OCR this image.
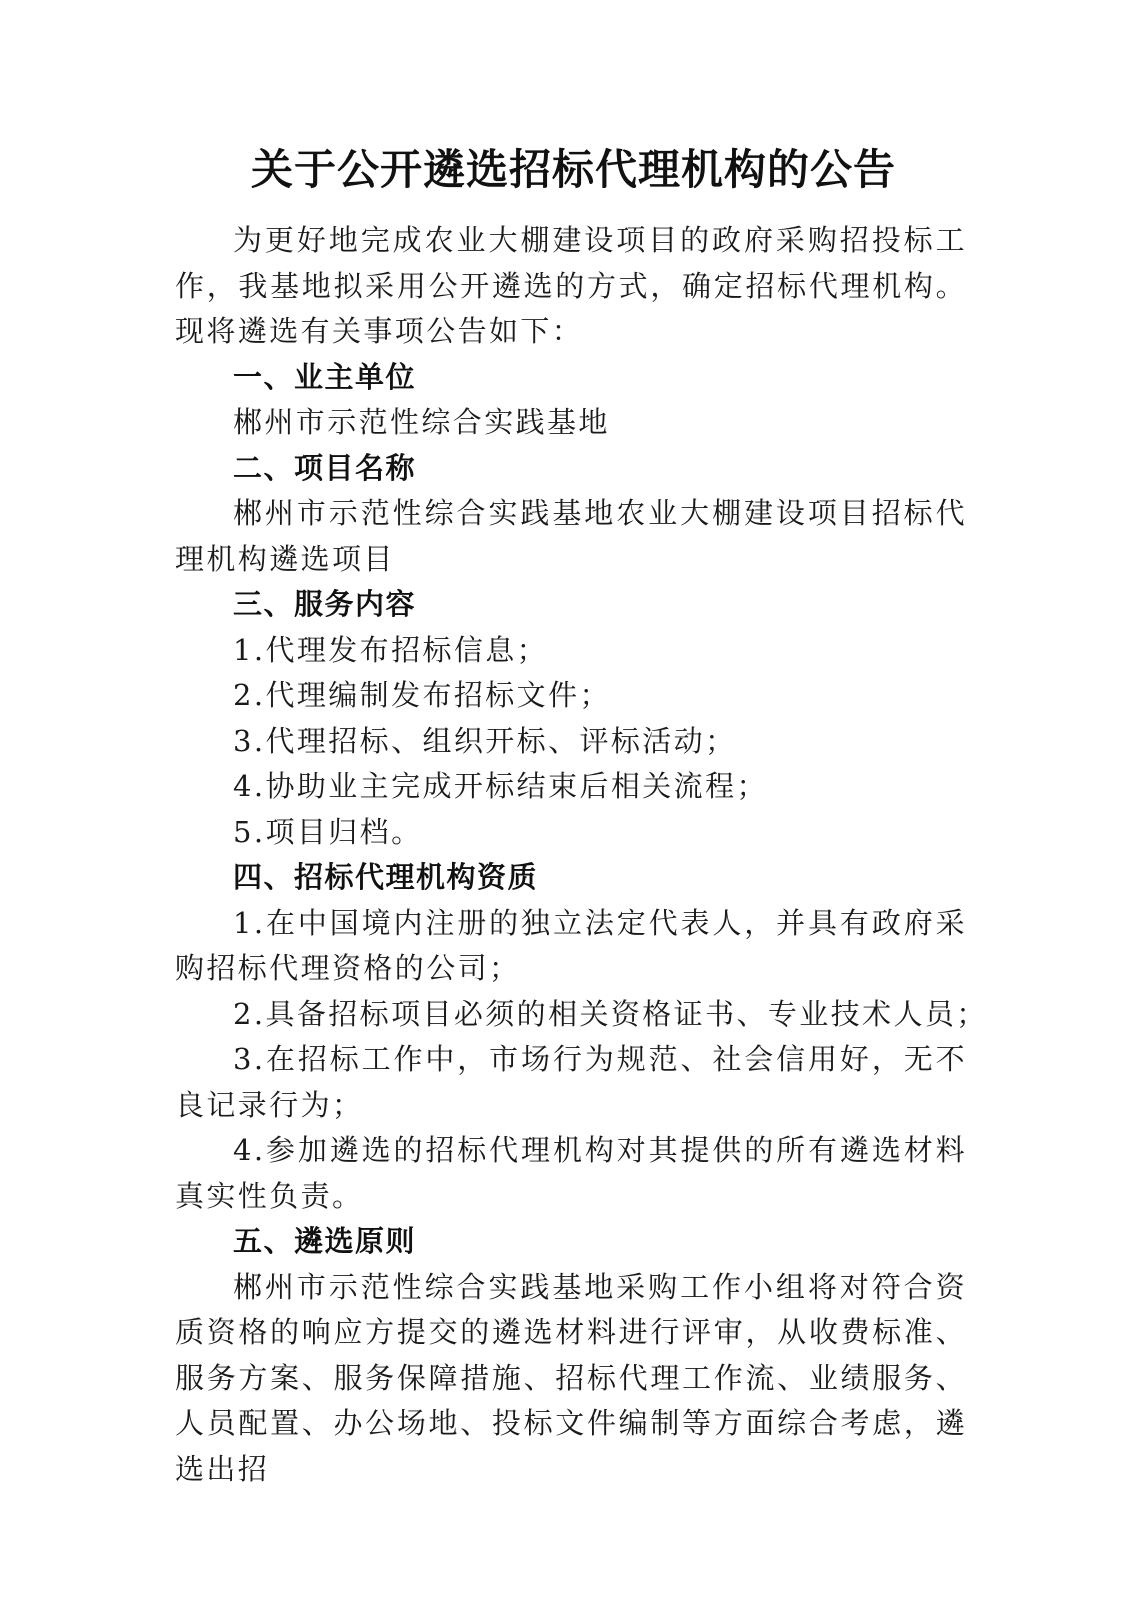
关于公开遴选招标代理机构的公告

为更好地完成农业大棚建设项目的政府采购招投标工作，我基地拟采用公开遴选的方式，确定招标代理机构。现将遴选有关事项公告如下：

一、业主单位

郴州市示范性综合实践基地

二、项目名称

郴州市示范性综合实践基地农业大棚建设项目招标代理机构遴选项目

三、服务内容

1.代理发布招标信息；

2.代理编制发布招标文件；

3.代理招标、组织开标、评标活动；

4.协助业主完成开标结束后相关流程；

5.项目归档。

四、招标代理机构资质

1.在中国境内注册的独立法定代表人，并具有政府采购招标代理资格的公司；

2.具备招标项目必须的相关资格证书、专业技术人员；

3.在招标工作中，市场行为规范、社会信用好，无不良记录行为；

4.参加遴选的招标代理机构对其提供的所有遴选材料真实性负责。

五、遴选原则

郴州市示范性综合实践基地采购工作小组将对符合资质资格的响应方提交的遴选材料进行评审，从收费标准、服务方案、服务保障措施、招标代理工作流、业绩服务、人员配置、办公场地、投标文件编制等方面综合考虑，遴选出招
